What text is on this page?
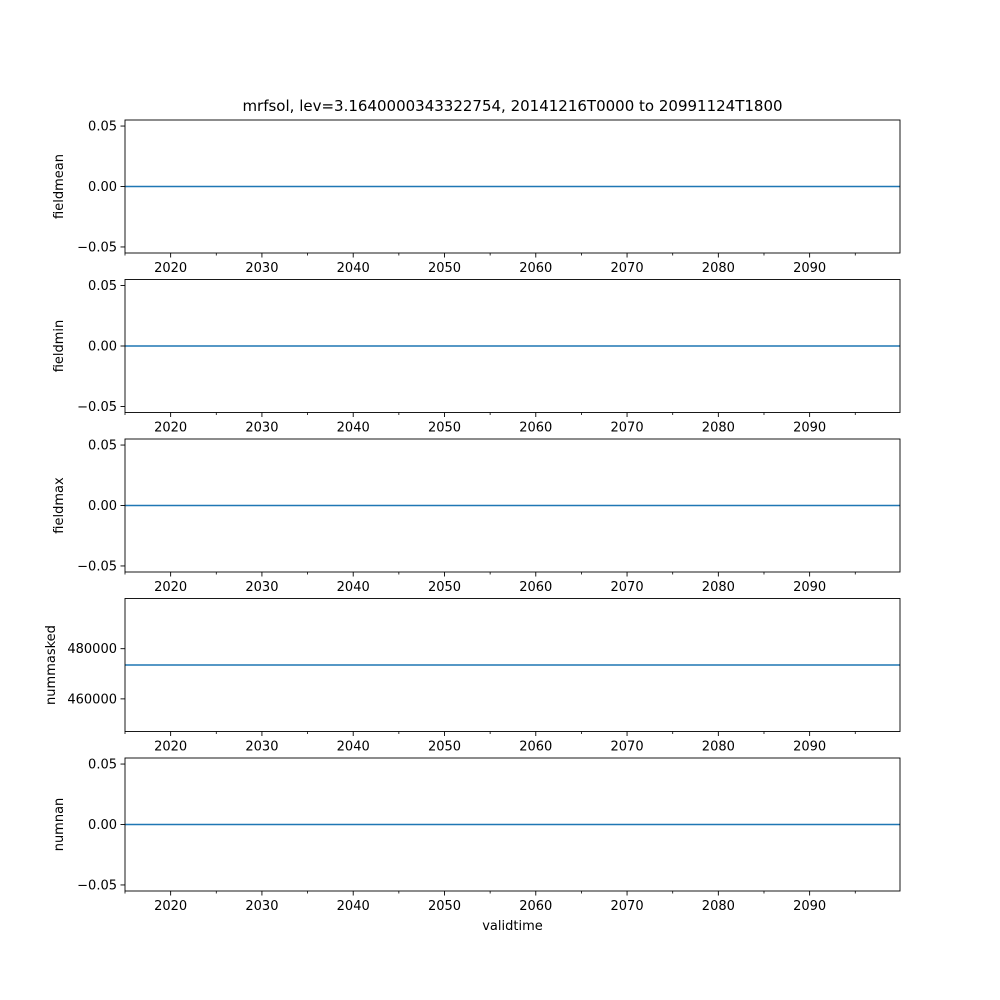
mrfsol, lev=3.1640000343322754, 20141216T0000 to 20991124T1800
2020	2030	2040	2050	2060	2070	2080	2090
−0.05
0.00
0.05
fieldmean
2020	2030	2040	2050	2060	2070	2080	2090
−0.05
0.00
0.05
fieldmin
2020	2030	2040	2050	2060	2070	2080	2090
−0.05
0.00
0.05
fieldmax
2020	2030	2040	2050	2060	2070	2080	2090
460000
480000
nummasked
2020	2030	2040	2050	2060	2070	2080	2090
−0.05
0.00
0.05
numnan
validtime
